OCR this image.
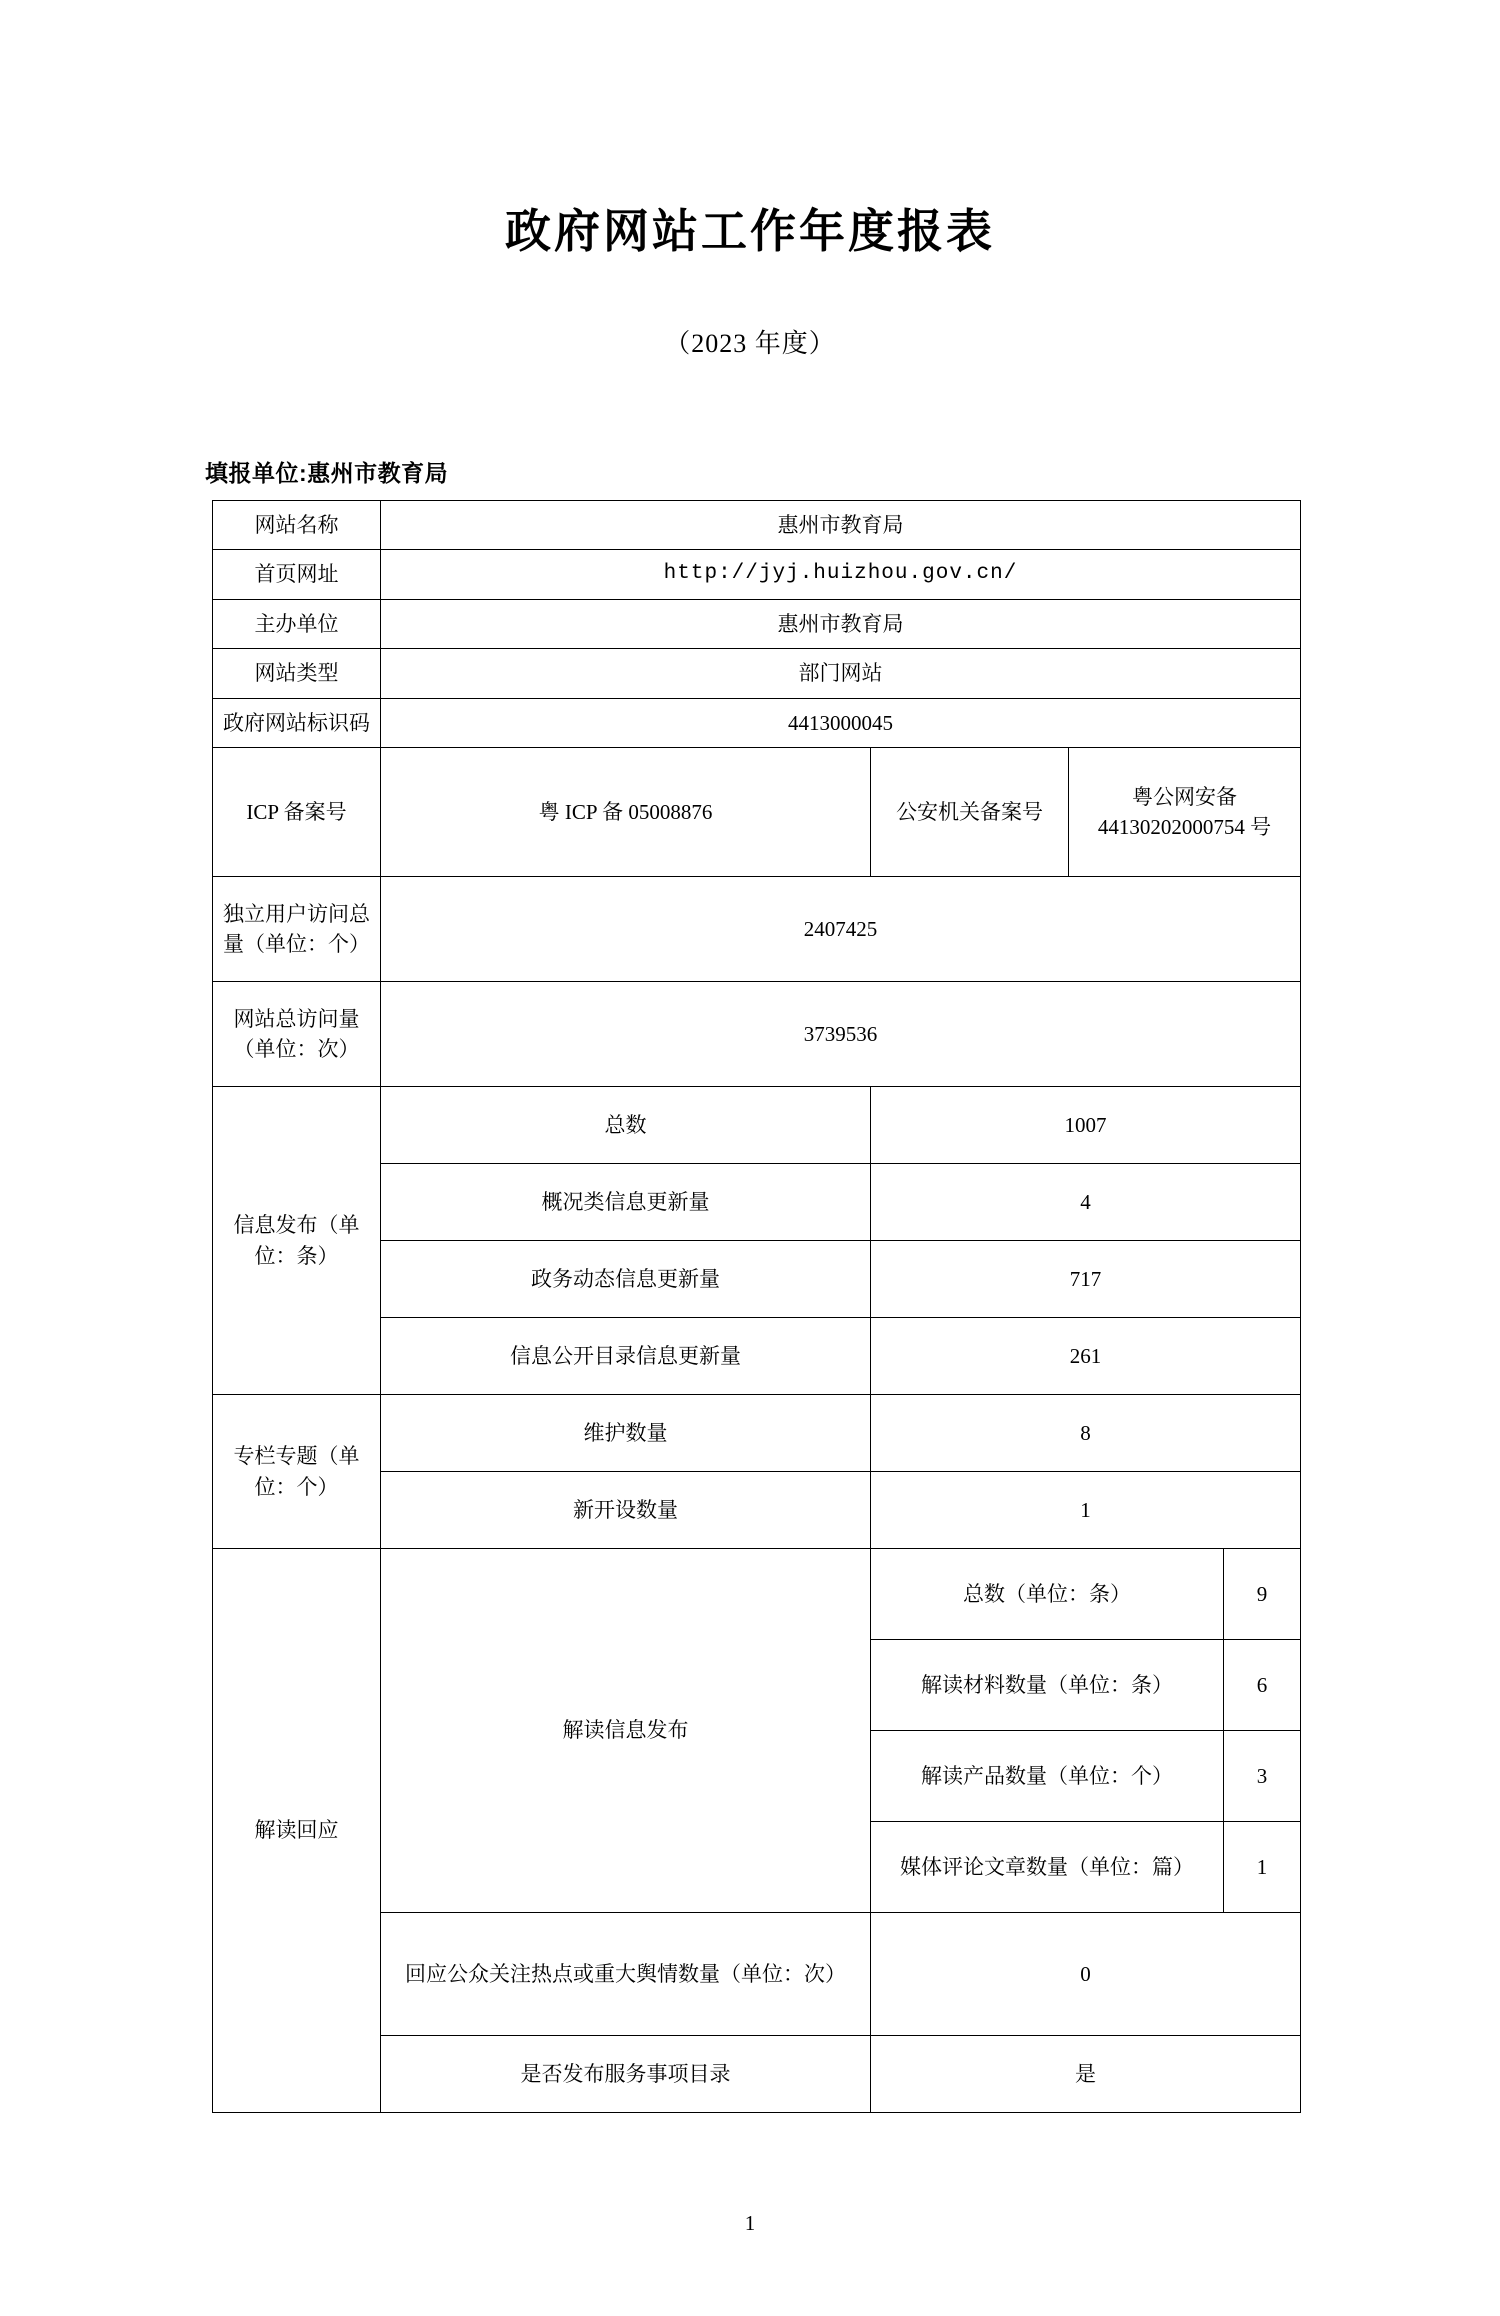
政府网站工作年度报表
（2023 年度）
填报单位:惠州市教育局
网站名称	惠州市教育局			
首页网址	http://jyj.huizhou.gov.cn/			
主办单位	惠州市教育局			
网站类型	部门网站			
政府网站标识码	4413000045			
ICP 备案号	粤 ICP 备 05008876	公安机关备案号	粤公网安备 44130202000754 号	
独立用户访问总量（单位：个）	2407425			
网站总访问量（单位：次）	3739536			
信息发布（单位：条）	总数	1007		
	概况类信息更新量	4		
	政务动态信息更新量	717		
	信息公开目录信息更新量	261		
专栏专题（单位：个）	维护数量	8		
	新开设数量	1		
解读回应	解读信息发布	总数（单位：条）		9
		解读材料数量（单位：条）		6
		解读产品数量（单位：个）		3
		媒体评论文章数量（单位：篇）		1
	回应公众关注热点或重大舆情数量（单位：次）	0		
	是否发布服务事项目录	是		
1
